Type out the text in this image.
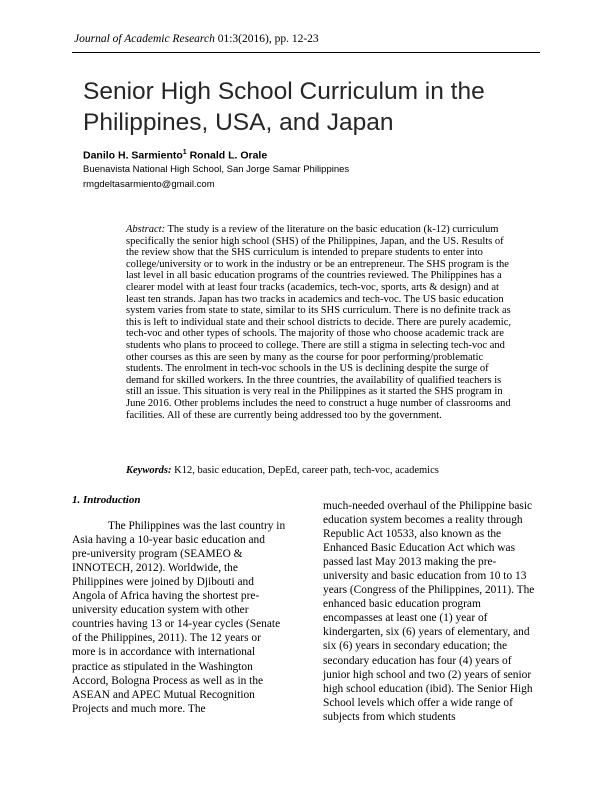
Journal of Academic Research 01:3(2016), pp. 12-23
Senior High School Curriculum in the Philippines, USA, and Japan
Danilo H. Sarmiento$^1$ Ronald L. Orale
Buenavista National High School, San Jorge Samar Philippines
rmgdeltasarmiento@gmail.com
Abstract: The study is a review of the literature on the basic education (k-12) curriculum specifically the senior high school (SHS) of the Philippines, Japan, and the US. Results of the review show that the SHS curriculum is intended to prepare students to enter into college/university or to work in the industry or be an entrepreneur. The SHS program is the last level in all basic education programs of the countries reviewed. The Philippines has a clearer model with at least four tracks (academics, tech-voc, sports, arts & design) and at least ten strands. Japan has two tracks in academics and tech-voc. The US basic education system varies from state to state, similar to its SHS curriculum. There is no definite track as this is left to individual state and their school districts to decide. There are purely academic, tech-voc and other types of schools. The majority of those who choose academic track are students who plans to proceed to college. There are still a stigma in selecting tech-voc and other courses as this are seen by many as the course for poor performing/problematic students. The enrolment in tech-voc schools in the US is declining despite the surge of demand for skilled workers. In the three countries, the availability of qualified teachers is still an issue. This situation is very real in the Philippines as it started the SHS program in June 2016. Other problems includes the need to construct a huge number of classrooms and facilities. All of these are currently being addressed too by the government.
Keywords: K12, basic education, DepEd, career path, tech-voc, academics
1. Introduction

The Philippines was the last country in Asia having a 10-year basic education and pre-university program (SEAMEO & INNOTECH, 2012). Worldwide, the Philippines were joined by Djibouti and Angola of Africa having the shortest pre-university education system with other countries having 13 or 14-year cycles (Senate of the Philippines, 2011). The 12 years or more is in accordance with international practice as stipulated in the Washington Accord, Bologna Process as well as in the ASEAN and APEC Mutual Recognition Projects and much more. The

much-needed overhaul of the Philippine basic education system becomes a reality through Republic Act 10533, also known as the Enhanced Basic Education Act which was passed last May 2013 making the pre-university and basic education from 10 to 13 years (Congress of the Philippines, 2011). The enhanced basic education program encompasses at least one (1) year of kindergarten, six (6) years of elementary, and six (6) years in secondary education; the secondary education has four (4) years of junior high school and two (2) years of senior high school education (ibid). The Senior High School levels which offer a wide range of subjects from which students
